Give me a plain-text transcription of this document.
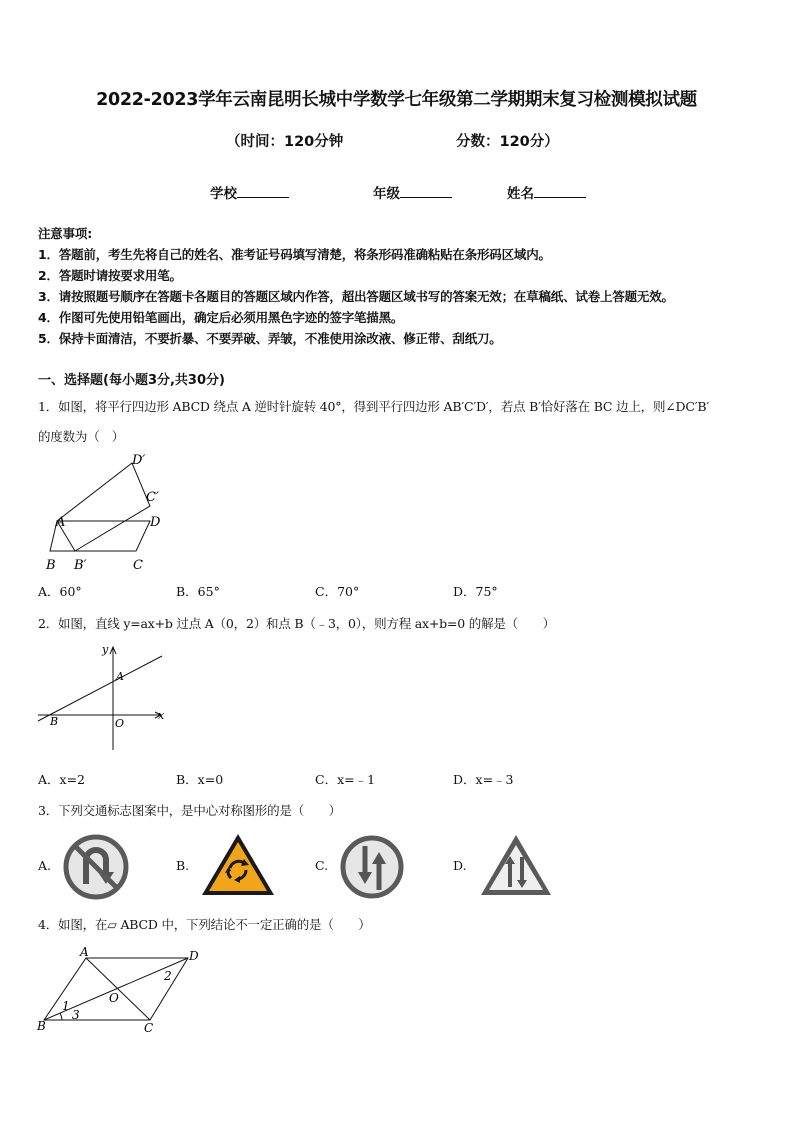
2022-2023学年云南昆明长城中学数学七年级第二学期期末复习检测模拟试题
（时间：120分钟	分数：120分）
学校	年级	姓名
注意事项:
1．答题前，考生先将自己的姓名、准考证号码填写清楚，将条形码准确粘贴在条形码区域内。
2．答题时请按要求用笔。
3．请按照题号顺序在答题卡各题目的答题区域内作答，超出答题区域书写的答案无效；在草稿纸、试卷上答题无效。
4．作图可先使用铅笔画出，确定后必须用黑色字迹的签字笔描黑。
5．保持卡面清洁，不要折暴、不要弄破、弄皱，不准使用涂改液、修正带、刮纸刀。
一、选择题(每小题3分,共30分)
1．如图，将平行四边形 ABCD 绕点 A 逆时针旋转 40°，得到平行四边形 AB′C′D′，若点 B′恰好落在 BC 边上，则∠DC′B′
的度数为（　）
D′
C′
A	D
B B′	C
A．60°	B．65°	C．70°	D．75°
2．如图，直线 y=ax+b 过点 A（0，2）和点 B（﹣3，0），则方程 ax+b=0 的解是（　　）
y
A
B	O
x
A．x=2	B．x=0	C．x=﹣1	D．x=﹣3
3．下列交通标志图案中，是中心对称图形的是（　　）
A.	B.	C.	D.
4．如图，在▱ ABCD 中，下列结论不一定正确的是（　　）
A	D
2
O
1
B
3
C
